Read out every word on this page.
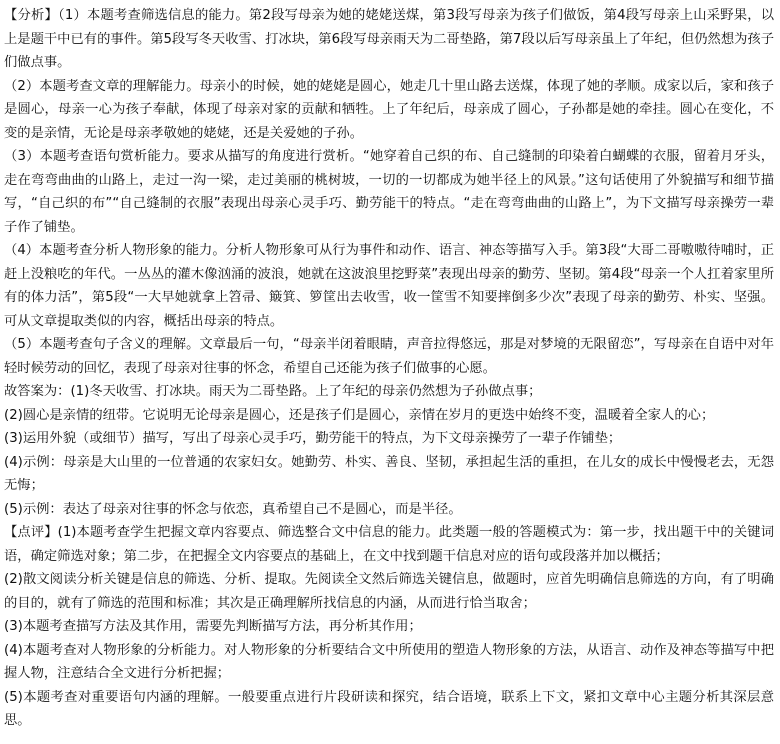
【分析】（1）本题考查筛选信息的能力。第2段写母亲为她的姥姥送煤，第3段写母亲为孩子们做饭，第4段写母亲上山采野果，以上是题干中已有的事件。第5段写冬天收雪、打冰块，第6段写母亲雨天为二哥垫路，第7段以后写母亲虽上了年纪，但仍然想为孩子们做点事。

（2）本题考查文章的理解能力。母亲小的时候，她的姥姥是圆心，她走几十里山路去送煤，体现了她的孝顺。成家以后，家和孩子是圆心，母亲一心为孩子奉献，体现了母亲对家的贡献和牺牲。上了年纪后，母亲成了圆心，子孙都是她的牵挂。圆心在变化，不变的是亲情，无论是母亲孝敬她的姥姥，还是关爱她的子孙。

（3）本题考查语句赏析能力。要求从描写的角度进行赏析。“她穿着自己织的布、自己缝制的印染着白蝴蝶的衣服，留着月牙头，走在弯弯曲曲的山路上，走过一沟一梁，走过美丽的桃树坡，一切的一切都成为她半径上的风景。”这句话使用了外貌描写和细节描写，“自己织的布”“自己缝制的衣服”表现出母亲心灵手巧、勤劳能干的特点。“走在弯弯曲曲的山路上”，为下文描写母亲操劳一辈子作了铺垫。

（4）本题考查分析人物形象的能力。分析人物形象可从行为事件和动作、语言、神态等描写入手。第3段“大哥二哥嗷嗷待哺时，正赶上没粮吃的年代。一丛丛的灌木像汹涌的波浪，她就在这波浪里挖野菜”表现出母亲的勤劳、坚韧。第4段“母亲一个人扛着家里所有的体力活”，第5段“一大早她就拿上笤帚、簸箕、箩筐出去收雪，收一筐雪不知要摔倒多少次”表现了母亲的勤劳、朴实、坚强。可从文章提取类似的内容，概括出母亲的特点。

（5）本题考查句子含义的理解。文章最后一句，“母亲半闭着眼睛，声音拉得悠远，那是对梦境的无限留恋”，写母亲在自语中对年轻时候劳动的回忆，表现了母亲对往事的怀念，希望自己还能为孩子们做事的心愿。

故答案为：(1)冬天收雪、打冰块。雨天为二哥垫路。上了年纪的母亲仍然想为子孙做点事；

(2)圆心是亲情的纽带。它说明无论母亲是圆心，还是孩子们是圆心，亲情在岁月的更迭中始终不变，温暖着全家人的心；

(3)运用外貌（或细节）描写，写出了母亲心灵手巧，勤劳能干的特点，为下文母亲操劳了一辈子作铺垫；

(4)示例：母亲是大山里的一位普通的农家妇女。她勤劳、朴实、善良、坚韧，承担起生活的重担，在儿女的成长中慢慢老去，无怨无悔；

(5)示例：表达了母亲对往事的怀念与依恋，真希望自己不是圆心，而是半径。

【点评】(1)本题考查学生把握文章内容要点、筛选整合文中信息的能力。此类题一般的答题模式为：第一步，找出题干中的关键词语，确定筛选对象；第二步，在把握全文内容要点的基础上，在文中找到题干信息对应的语句或段落并加以概括；

(2)散文阅读分析关键是信息的筛选、分析、提取。先阅读全文然后筛选关键信息，做题时，应首先明确信息筛选的方向，有了明确的目的，就有了筛选的范围和标准；其次是正确理解所找信息的内涵，从而进行恰当取舍；

(3)本题考查描写方法及其作用，需要先判断描写方法，再分析其作用；

(4)本题考查对人物形象的分析能力。对人物形象的分析要结合文中所使用的塑造人物形象的方法，从语言、动作及神态等描写中把握人物，注意结合全文进行分析把握；

(5)本题考查对重要语句内涵的理解。一般要重点进行片段研读和探究，结合语境，联系上下文，紧扣文章中心主题分析其深层意思。
